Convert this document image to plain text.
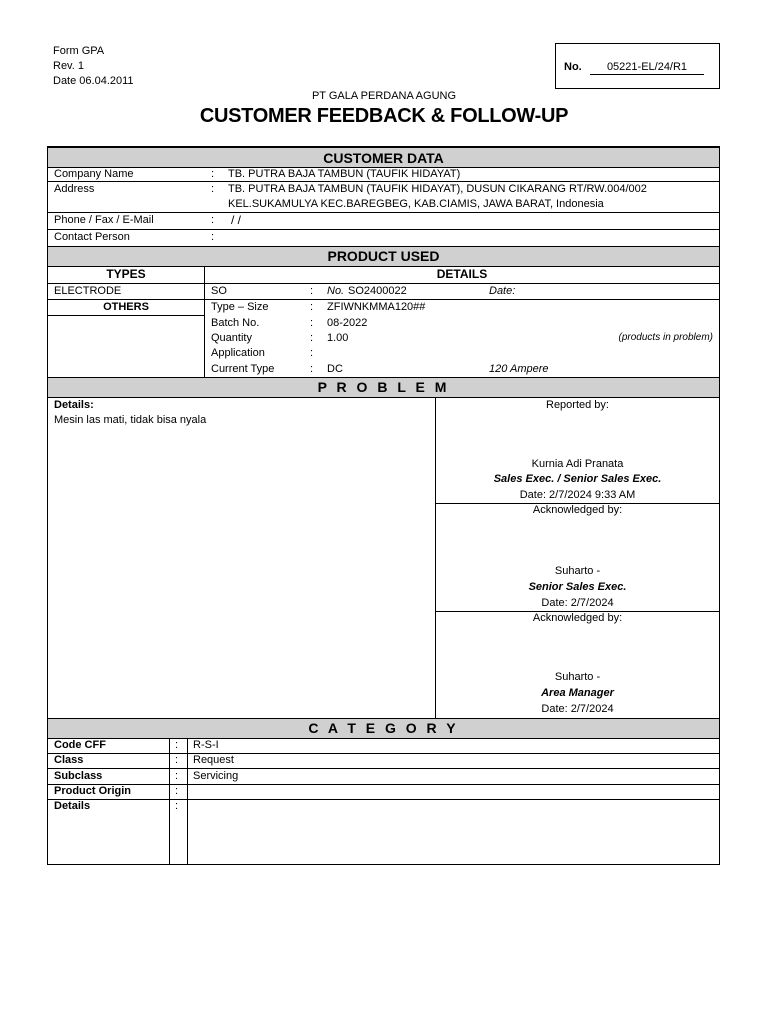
Form GPA
Rev. 1
Date 06.04.2011
No.	05221-EL/24/R1
PT GALA PERDANA AGUNG
CUSTOMER FEEDBACK & FOLLOW-UP
CUSTOMER DATA
Company Name	: TB. PUTRA BAJA TAMBUN (TAUFIK HIDAYAT)
Address	: TB. PUTRA BAJA TAMBUN (TAUFIK HIDAYAT), DUSUN CIKARANG RT/RW.004/002
KEL.SUKAMULYA KEC.BAREGBEG, KAB.CIAMIS, JAWA BARAT, Indonesia
Phone / Fax / E-Mail	: / /
Contact Person	:
PRODUCT USED
TYPES	DETAILS
ELECTRODE	SO	: No. SO2400022	Date:
OTHERS	Type – Size	: ZFIWNKMMA120##
Batch No.	: 08-2022
Quantity	: 1.00	(products in problem)
Application	:
Current Type	: DC	120 Ampere
P R O B L E M
Details:
Mesin las mati, tidak bisa nyala
Reported by:
Kurnia Adi Pranata
Sales Exec. / Senior Sales Exec.
Date: 2/7/2024 9:33 AM
Acknowledged by:
Suharto -
Senior Sales Exec.
Date: 2/7/2024
Acknowledged by:
Suharto -
Area Manager
Date: 2/7/2024
C A T E G O R Y
Code CFF	: R-S-I
Class	: Request
Subclass	: Servicing
Product Origin	:
Details	:
